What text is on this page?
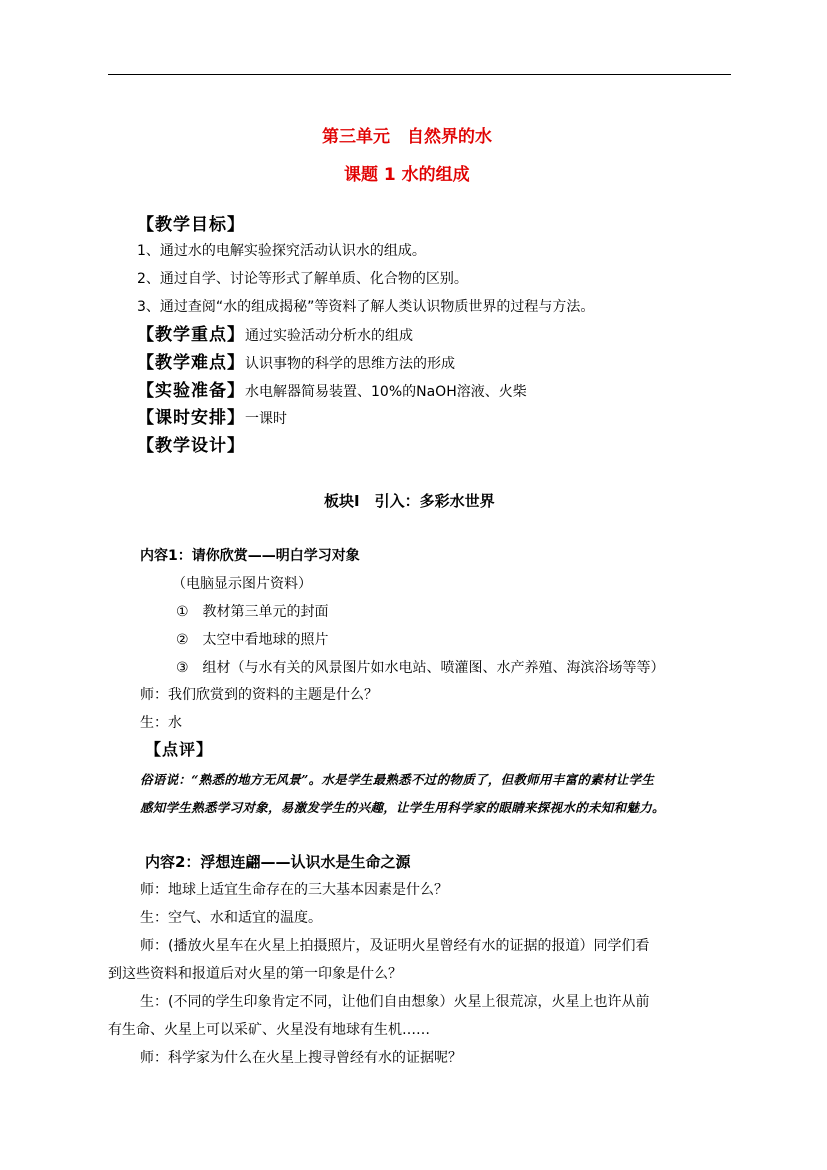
第三单元　自然界的水
课题 1 水的组成
【教学目标】
1、通过水的电解实验探究活动认识水的组成。
2、通过自学、讨论等形式了解单质、化合物的区别。
3、通过查阅“水的组成揭秘”等资料了解人类认识物质世界的过程与方法。
【教学重点】通过实验活动分析水的组成
【教学难点】认识事物的科学的思维方法的形成
【实验准备】水电解器简易装置、10%的NaOH溶液、火柴
【课时安排】一课时
【教学设计】
板块Ⅰ　引入：多彩水世界
内容1：请你欣赏——明白学习对象
（电脑显示图片资料）
①　教材第三单元的封面
②　太空中看地球的照片
③　组材（与水有关的风景图片如水电站、喷灌图、水产养殖、海滨浴场等等）
师：我们欣赏到的资料的主题是什么？
生：水
【点评】
俗语说：“熟悉的地方无风景”。水是学生最熟悉不过的物质了，但教师用丰富的素材让学生
感知学生熟悉学习对象，易激发学生的兴趣，让学生用科学家的眼睛来探视水的未知和魅力。
内容2：浮想连翩——认识水是生命之源
师：地球上适宜生命存在的三大基本因素是什么？
生：空气、水和适宜的温度。
师：(播放火星车在火星上拍摄照片，及证明火星曾经有水的证据的报道）同学们看
到这些资料和报道后对火星的第一印象是什么？
生：(不同的学生印象肯定不同，让他们自由想象）火星上很荒凉，火星上也许从前
有生命、火星上可以采矿、火星没有地球有生机……
师：科学家为什么在火星上搜寻曾经有水的证据呢？
